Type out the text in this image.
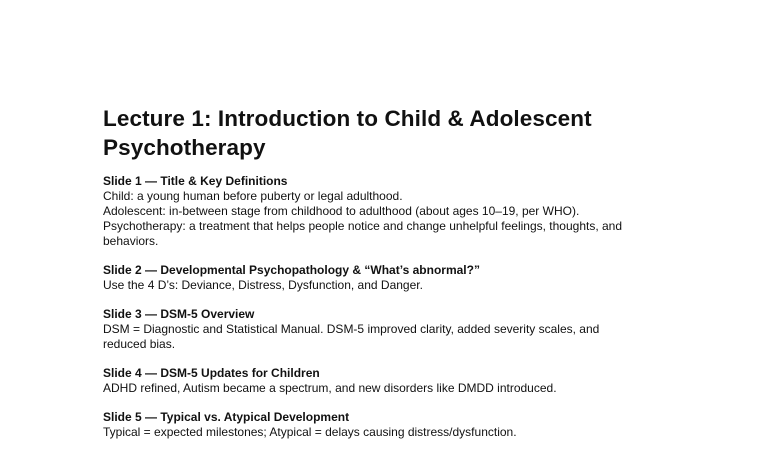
Lecture 1: Introduction to Child & Adolescent
Psychotherapy
Slide 1 — Title & Key Definitions
Child: a young human before puberty or legal adulthood.
Adolescent: in-between stage from childhood to adulthood (about ages 10–19, per WHO).
Psychotherapy: a treatment that helps people notice and change unhelpful feelings, thoughts, and
behaviors.
Slide 2 — Developmental Psychopathology & “What’s abnormal?”
Use the 4 D’s: Deviance, Distress, Dysfunction, and Danger.
Slide 3 — DSM-5 Overview
DSM = Diagnostic and Statistical Manual. DSM-5 improved clarity, added severity scales, and
reduced bias.
Slide 4 — DSM-5 Updates for Children
ADHD refined, Autism became a spectrum, and new disorders like DMDD introduced.
Slide 5 — Typical vs. Atypical Development
Typical = expected milestones; Atypical = delays causing distress/dysfunction.
